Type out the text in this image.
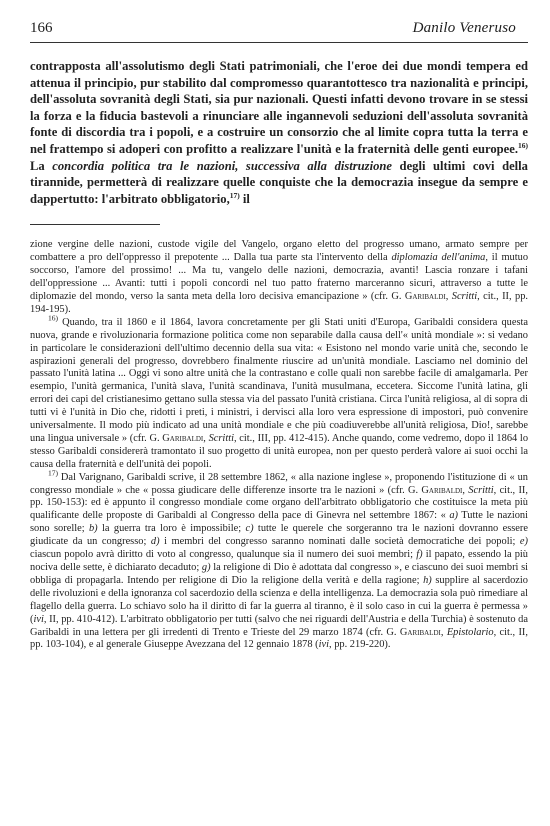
166	Danilo Veneruso

contrapposta all'assolutismo degli Stati patrimoniali, che l'eroe dei due mondi tempera ed attenua il principio, pur stabilito dal compromesso quarantottesco tra nazionalità e principi, dell'assoluta sovranità degli Stati, sia pur nazionali. Questi infatti devono trovare in se stessi la forza e la fiducia bastevoli a rinunciare alle ingannevoli seduzioni dell'assoluta sovranità fonte di discordia tra i popoli, e a costruire un consorzio che al limite copra tutta la terra e nel frattempo si adoperi con profitto a realizzare l'unità e la fraternità delle genti europee.$^{16)}$ La concordia politica tra le nazioni, successiva alla distruzione degli ultimi covi della tirannide, permetterà di realizzare quelle conquiste che la democrazia insegue da sempre e dappertutto: l'arbitrato obbligatorio,$^{17)}$ il

zione vergine delle nazioni, custode vigile del Vangelo, organo eletto del progresso umano, armato sempre per combattere a pro dell'oppresso il prepotente ... Dalla tua parte sta l'intervento della diplomazia dell'anima, il mutuo soccorso, l'amore del prossimo! ... Ma tu, vangelo delle nazioni, democrazia, avanti! Lascia ronzare i tafani dell'oppressione ... Avanti: tutti i popoli concordi nel tuo patto fraterno marceranno sicuri, attraverso a tutte le diplomazie del mondo, verso la santa meta della loro decisiva emancipazione » (cfr. G. Garibaldi, Scritti, cit., II, pp. 194-195).

$^{16)}$ Quando, tra il 1860 e il 1864, lavora concretamente per gli Stati uniti d'Europa, Garibaldi considera questa nuova, grande e rivoluzionaria formazione politica come non separabile dalla causa dell'« unità mondiale »: si vedano in particolare le considerazioni dell'ultimo decennio della sua vita: « Esistono nel mondo varie unità che, secondo le aspirazioni generali del progresso, dovrebbero finalmente riuscire ad un'unità mondiale. Lasciamo nel dominio del passato l'unità latina ... Oggi vi sono altre unità che la contrastano e colle quali non sarebbe facile di amalgamarla. Per esempio, l'unità germanica, l'unità slava, l'unità scandinava, l'unità musulmana, eccetera. Siccome l'unità latina, gli errori dei capi del cristianesimo gettano sulla stessa via del passato l'unità cristiana. Circa l'unità religiosa, al di sopra di tutti vi è l'unità in Dio che, ridotti i preti, i ministri, i dervisci alla loro vera espressione di impostori, può convenire universalmente. Il modo più indicato ad una unità mondiale e che più coadiuverebbe all'unità religiosa, Dio!, sarebbe una lingua universale » (cfr. G. Garibaldi, Scritti, cit., III, pp. 412-415). Anche quando, come vedremo, dopo il 1864 lo stesso Garibaldi considererà tramontato il suo progetto di unità europea, non per questo perderà valore ai suoi occhi la causa della fraternità e dell'unità dei popoli.

$^{17)}$ Dal Varignano, Garibaldi scrive, il 28 settembre 1862, « alla nazione inglese », proponendo l'istituzione di « un congresso mondiale » che « possa giudicare delle differenze insorte tra le nazioni » (cfr. G. Garibaldi, Scritti, cit., II, pp. 150-153): ed è appunto il congresso mondiale come organo dell'arbitrato obbligatorio che costituisce la meta più qualificante delle proposte di Garibaldi al Congresso della pace di Ginevra nel settembre 1867: « a) Tutte le nazioni sono sorelle; b) la guerra tra loro è impossibile; c) tutte le querele che sorgeranno tra le nazioni dovranno essere giudicate da un congresso; d) i membri del congresso saranno nominati dalle società democratiche dei popoli; e) ciascun popolo avrà diritto di voto al congresso, qualunque sia il numero dei suoi membri; f) il papato, essendo la più nociva delle sette, è dichiarato decaduto; g) la religione di Dio è adottata dal congresso », e ciascuno dei suoi membri si obbliga di propagarla. Intendo per religione di Dio la religione della verità e della ragione; h) supplire al sacerdozio delle rivoluzioni e della ignoranza col sacerdozio della scienza e della intelligenza. La democrazia sola può rimediare al flagello della guerra. Lo schiavo solo ha il diritto di far la guerra al tiranno, è il solo caso in cui la guerra è permessa » (ivi, II, pp. 410-412). L'arbitrato obbligatorio per tutti (salvo che nei riguardi dell'Austria e della Turchia) è sostenuto da Garibaldi in una lettera per gli irredenti di Trento e Trieste del 29 marzo 1874 (cfr. G. Garibaldi, Epistolario, cit., II, pp. 103-104), e al generale Giuseppe Avezzana del 12 gennaio 1878 (ivi, pp. 219-220).
